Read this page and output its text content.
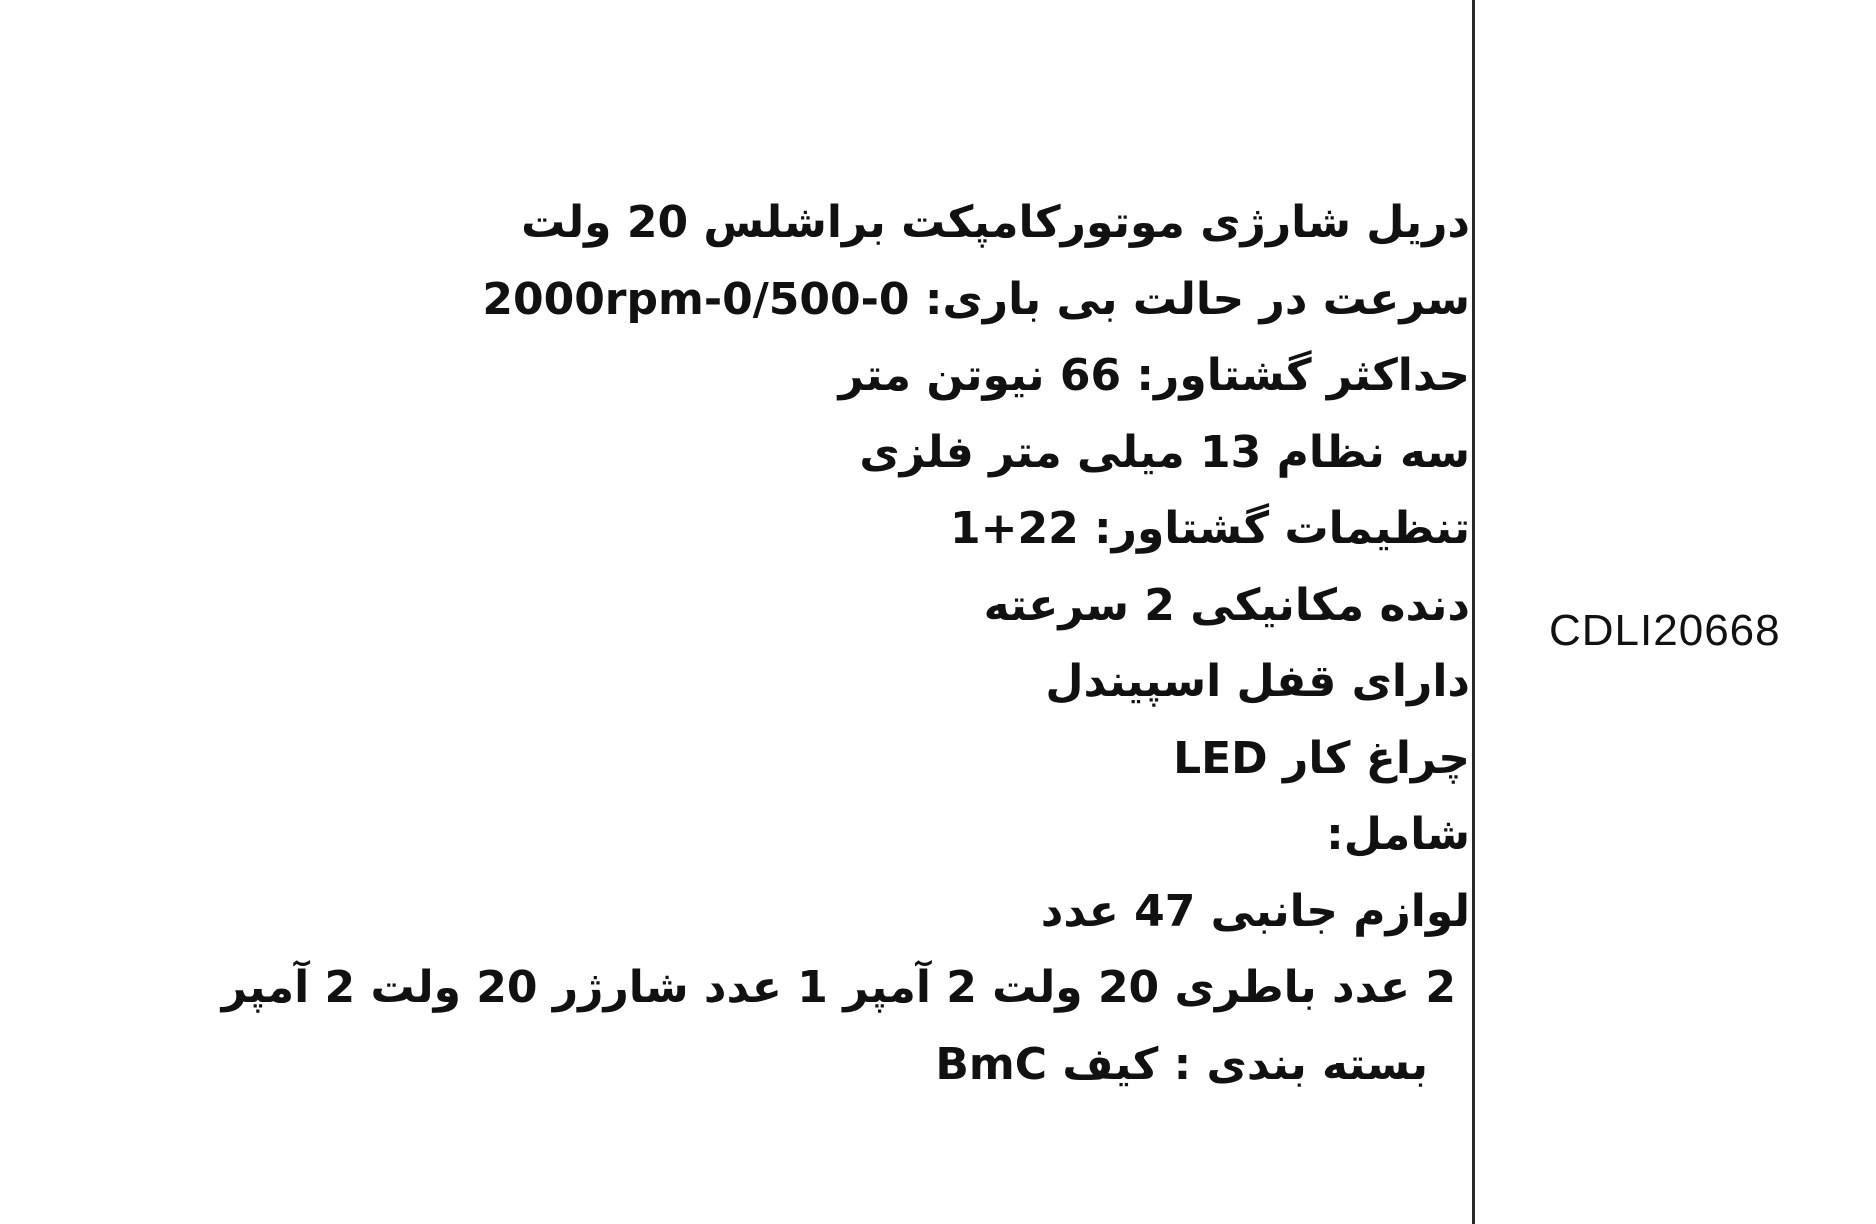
دریل شارژی موتورکامپکت براشلس 20 ولت
سرعت در حالت بی باری: 0-0/500-2000rpm
حداکثر گشتاور: 66 نیوتن متر
سه نظام 13 میلی متر فلزی
تنظیمات گشتاور: 22+1
دنده مکانیکی 2 سرعته
دارای قفل اسپیندل
چراغ کار LED
شامل:
لوازم جانبی 47 عدد
2 عدد باطری 20 ولت 2 آمپر 1 عدد شارژر 20 ولت 2 آمپر
بسته بندی : کیف BmC
CDLI20668
